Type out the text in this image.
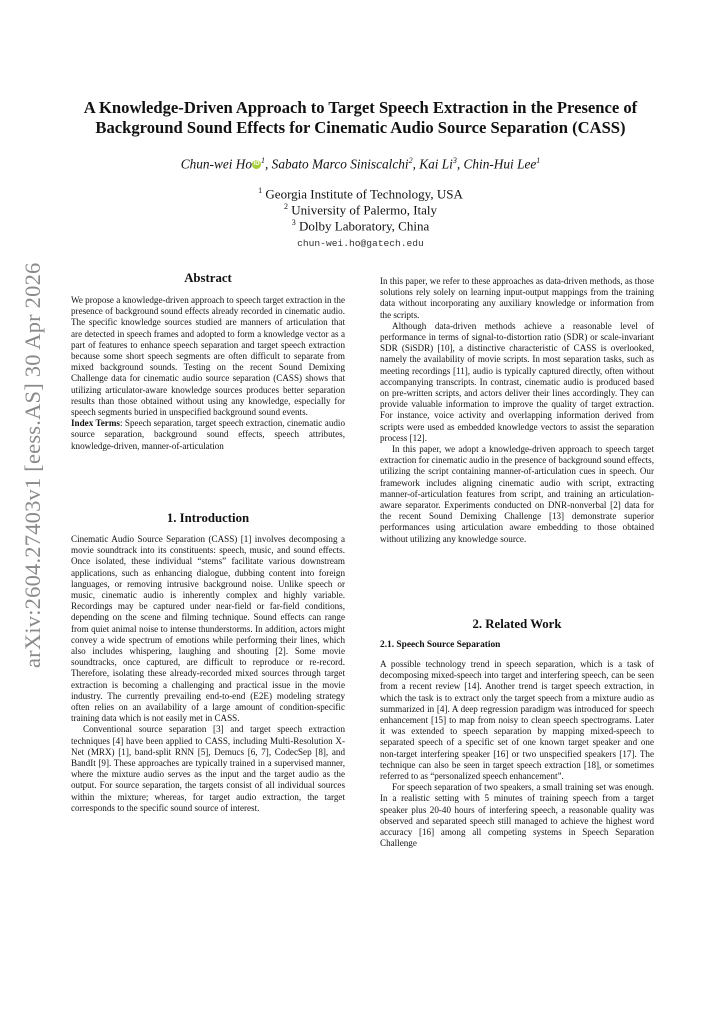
arXiv:2604.27403v1 [eess.AS] 30 Apr 2026
A Knowledge-Driven Approach to Target Speech Extraction in the Presence of
Background Sound Effects for Cinematic Audio Source Separation (CASS)
Chun-wei Ho iD $^1$, Sabato Marco Siniscalchi$^2$, Kai Li$^3$, Chin-Hui Lee$^1$
$^1$ Georgia Institute of Technology, USA
$^2$ University of Palermo, Italy
$^3$ Dolby Laboratory, China
chun-wei.ho@gatech.edu
Abstract

We propose a knowledge-driven approach to speech target extraction in the presence of background sound effects already recorded in cinematic audio. The specific knowledge sources studied are manners of articulation that are detected in speech frames and adopted to form a knowledge vector as a part of features to enhance speech separation and target speech extraction because some short speech segments are often difficult to separate from mixed background sounds. Testing on the recent Sound Demixing Challenge data for cinematic audio source separation (CASS) shows that utilizing articulator-aware knowledge sources produces better separation results than those obtained without using any knowledge, especially for speech segments buried in unspecified background sound events.

Index Terms: Speech separation, target speech extraction, cinematic audio source separation, background sound effects, speech attributes, knowledge-driven, manner-of-articulation

1. Introduction

Cinematic Audio Source Separation (CASS) [1] involves decomposing a movie soundtrack into its constituents: speech, music, and sound effects. Once isolated, these individual “stems” facilitate various downstream applications, such as enhancing dialogue, dubbing content into foreign languages, or removing intrusive background noise. Unlike speech or music, cinematic audio is inherently complex and highly variable. Recordings may be captured under near-field or far-field conditions, depending on the scene and filming technique. Sound effects can range from quiet animal noise to intense thunderstorms. In addition, actors might convey a wide spectrum of emotions while performing their lines, which also includes whispering, laughing and shouting [2]. Some movie soundtracks, once captured, are difficult to reproduce or re-record. Therefore, isolating these already-recorded mixed sources through target extraction is becoming a challenging and practical issue in the movie industry. The currently prevailing end-to-end (E2E) modeling strategy often relies on an availability of a large amount of condition-specific training data which is not easily met in CASS.

Conventional source separation [3] and target speech extraction techniques [4] have been applied to CASS, including Multi-Resolution X-Net (MRX) [1], band-split RNN [5], Demucs [6, 7], CodecSep [8], and BandIt [9]. These approaches are typically trained in a supervised manner, where the mixture audio serves as the input and the target audio as the output. For source separation, the targets consist of all individual sources within the mixture; whereas, for target audio extraction, the target corresponds to the specific sound source of interest.

In this paper, we refer to these approaches as data-driven methods, as those solutions rely solely on learning input-output mappings from the training data without incorporating any auxiliary knowledge or information from the scripts.

Although data-driven methods achieve a reasonable level of performance in terms of signal-to-distortion ratio (SDR) or scale-invariant SDR (SiSDR) [10], a distinctive characteristic of CASS is overlooked, namely the availability of movie scripts. In most separation tasks, such as meeting recordings [11], audio is typically captured directly, often without accompanying transcripts. In contrast, cinematic audio is produced based on pre-written scripts, and actors deliver their lines accordingly. They can provide valuable information to improve the quality of target extraction. For instance, voice activity and overlapping information derived from scripts were used as embedded knowledge vectors to assist the separation process [12].

In this paper, we adopt a knowledge-driven approach to speech target extraction for cinematic audio in the presence of background sound effects, utilizing the script containing manner-of-articulation cues in speech. Our framework includes aligning cinematic audio with script, extracting manner-of-articulation features from script, and training an articulation-aware separator. Experiments conducted on DNR-nonverbal [2] data for the recent Sound Demixing Challenge [13] demonstrate superior performances using articulation aware embedding to those obtained without utilizing any knowledge source.

2. Related Work
2.1. Speech Source Separation

A possible technology trend in speech separation, which is a task of decomposing mixed-speech into target and interfering speech, can be seen from a recent review [14]. Another trend is target speech extraction, in which the task is to extract only the target speech from a mixture audio as summarized in [4]. A deep regression paradigm was introduced for speech enhancement [15] to map from noisy to clean speech spectrograms. Later it was extended to speech separation by mapping mixed-speech to separated speech of a specific set of one known target speaker and one non-target interfering speaker [16] or two unspecified speakers [17]. The technique can also be seen in target speech extraction [18], or sometimes referred to as “personalized speech enhancement”.

For speech separation of two speakers, a small training set was enough. In a realistic setting with 5 minutes of training speech from a target speaker plus 20-40 hours of interfering speech, a reasonable quality was observed and separated speech still managed to achieve the highest word accuracy [16] among all competing systems in Speech Separation Challenge
